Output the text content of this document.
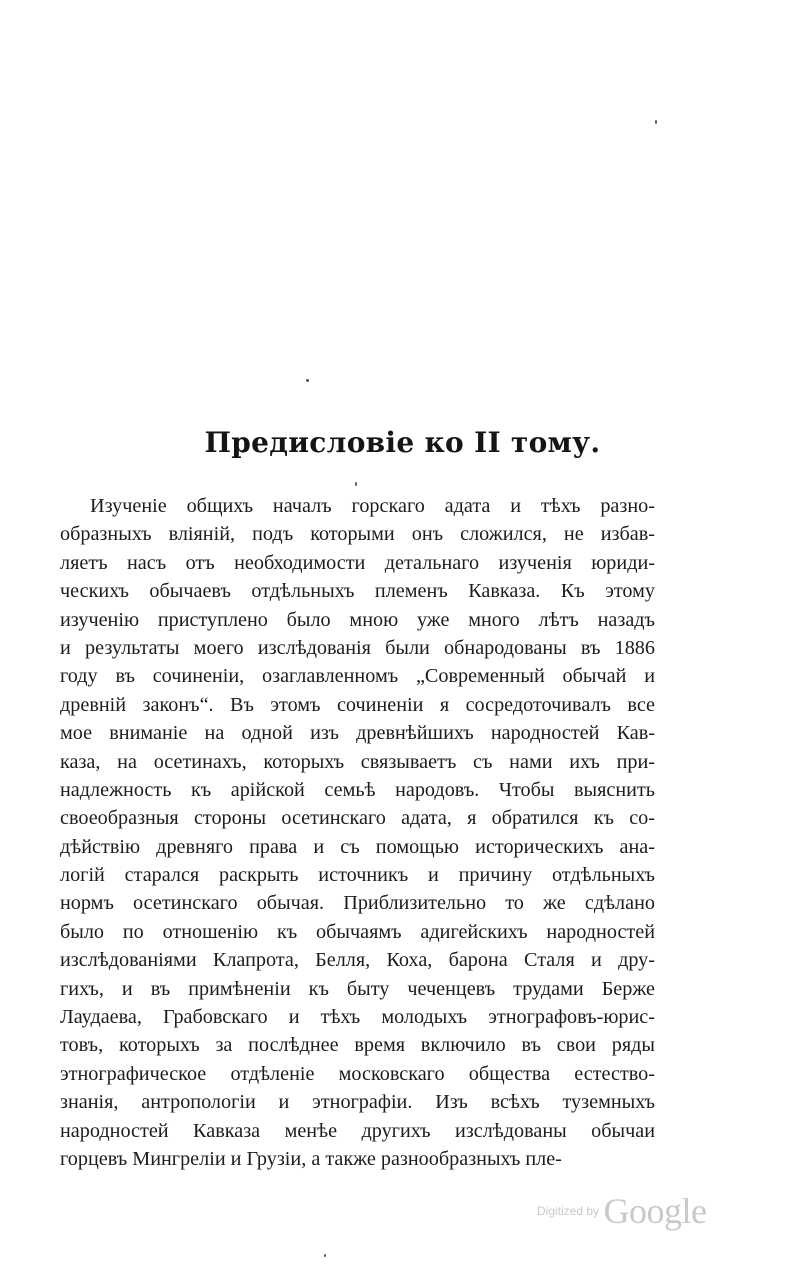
Предисловіе ко II тому.
Изученіе общихъ началъ горскаго адата и тѣхъ разно-
образныхъ вліяній, подъ которыми онъ сложился, не избав-
ляетъ насъ отъ необходимости детальнаго изученія юриди-
ческихъ обычаевъ отдѣльныхъ племенъ Кавказа. Къ этому
изученію приступлено было мною уже много лѣтъ назадъ
и результаты моего изслѣдованія были обнародованы въ 1886
году въ сочиненіи, озаглавленномъ „Современный обычай и
древній законъ“. Въ этомъ сочиненіи я сосредоточивалъ все
мое вниманіе на одной изъ древнѣйшихъ народностей Кав-
каза, на осетинахъ, которыхъ связываетъ съ нами ихъ при-
надлежность къ арійской семьѣ народовъ. Чтобы выяснить
своеобразныя стороны осетинскаго адата, я обратился къ со-
дѣйствію древняго права и съ помощью историческихъ ана-
логій старался раскрыть источникъ и причину отдѣльныхъ
нормъ осетинскаго обычая. Приблизительно то же сдѣлано
было по отношенію къ обычаямъ адигейскихъ народностей
изслѣдованіями Клапрота, Белля, Коха, барона Сталя и дру-
гихъ, и въ примѣненіи къ быту чеченцевъ трудами Берже
Лаудаева, Грабовскаго и тѣхъ молодыхъ этнографовъ-юрис-
товъ, которыхъ за послѣднее время включило въ свои ряды
этнографическое отдѣленіе московскаго общества естество-
знанія, антропологіи и этнографіи. Изъ всѣхъ туземныхъ
народностей Кавказа менѣе другихъ изслѣдованы обычаи
горцевъ Мингреліи и Грузіи, а также разнообразныхъ пле-
Digitized by Google
